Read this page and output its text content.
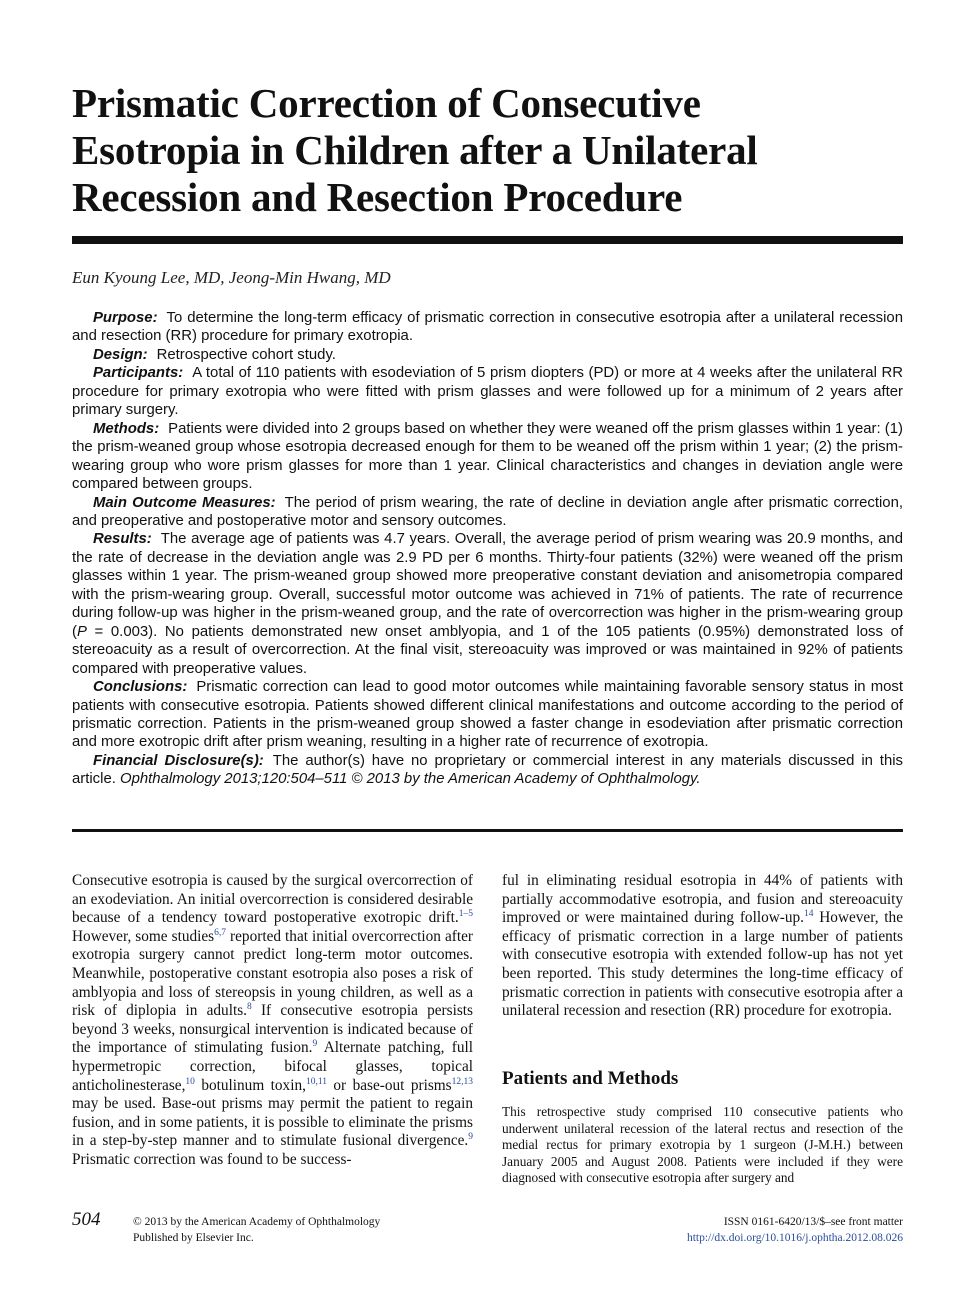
Prismatic Correction of Consecutive
Esotropia in Children after a Unilateral
Recession and Resection Procedure
Eun Kyoung Lee, MD, Jeong-Min Hwang, MD

Purpose: To determine the long-term efficacy of prismatic correction in consecutive esotropia after a unilateral recession and resection (RR) procedure for primary exotropia.

Design: Retrospective cohort study.

Participants: A total of 110 patients with esodeviation of 5 prism diopters (PD) or more at 4 weeks after the unilateral RR procedure for primary exotropia who were fitted with prism glasses and were followed up for a minimum of 2 years after primary surgery.

Methods: Patients were divided into 2 groups based on whether they were weaned off the prism glasses within 1 year: (1) the prism-weaned group whose esotropia decreased enough for them to be weaned off the prism within 1 year; (2) the prism-wearing group who wore prism glasses for more than 1 year. Clinical characteristics and changes in deviation angle were compared between groups.

Main Outcome Measures: The period of prism wearing, the rate of decline in deviation angle after prismatic correction, and preoperative and postoperative motor and sensory outcomes.

Results: The average age of patients was 4.7 years. Overall, the average period of prism wearing was 20.9 months, and the rate of decrease in the deviation angle was 2.9 PD per 6 months. Thirty-four patients (32%) were weaned off the prism glasses within 1 year. The prism-weaned group showed more preoperative constant deviation and anisometropia compared with the prism-wearing group. Overall, successful motor outcome was achieved in 71% of patients. The rate of recurrence during follow-up was higher in the prism-weaned group, and the rate of overcorrection was higher in the prism-wearing group (P = 0.003). No patients demonstrated new onset amblyopia, and 1 of the 105 patients (0.95%) demonstrated loss of stereoacuity as a result of overcorrection. At the final visit, stereoacuity was improved or was maintained in 92% of patients compared with preoperative values.

Conclusions: Prismatic correction can lead to good motor outcomes while maintaining favorable sensory status in most patients with consecutive esotropia. Patients showed different clinical manifestations and outcome according to the period of prismatic correction. Patients in the prism-weaned group showed a faster change in esodeviation after prismatic correction and more exotropic drift after prism weaning, resulting in a higher rate of recurrence of exotropia.

Financial Disclosure(s): The author(s) have no proprietary or commercial interest in any materials discussed in this article. Ophthalmology 2013;120:504–511 © 2013 by the American Academy of Ophthalmology.

Consecutive esotropia is caused by the surgical overcorrection of an exodeviation. An initial overcorrection is considered desirable because of a tendency toward postoperative exotropic drift.$^{1-5}$ However, some studies$^{6,7}$ reported that initial overcorrection after exotropia surgery cannot predict long-term motor outcomes. Meanwhile, postoperative constant esotropia also poses a risk of amblyopia and loss of stereopsis in young children, as well as a risk of diplopia in adults.$^8$ If consecutive esotropia persists beyond 3 weeks, nonsurgical intervention is indicated because of the importance of stimulating fusion.$^9$ Alternate patching, full hypermetropic correction, bifocal glasses, topical anticholinesterase,$^{10}$ botulinum toxin,$^{10,11}$ or base-out prisms$^{12,13}$ may be used. Base-out prisms may permit the patient to regain fusion, and in some patients, it is possible to eliminate the prisms in a step-by-step manner and to stimulate fusional divergence.$^9$ Prismatic correction was found to be success-

ful in eliminating residual esotropia in 44% of patients with partially accommodative esotropia, and fusion and stereoacuity improved or were maintained during follow-up.$^{14}$ However, the efficacy of prismatic correction in a large number of patients with consecutive esotropia with extended follow-up has not yet been reported. This study determines the long-time efficacy of prismatic correction in patients with consecutive esotropia after a unilateral recession and resection (RR) procedure for exotropia.

Patients and Methods

This retrospective study comprised 110 consecutive patients who underwent unilateral recession of the lateral rectus and resection of the medial rectus for primary exotropia by 1 surgeon (J-M.H.) between January 2005 and August 2008. Patients were included if they were diagnosed with consecutive esotropia after surgery and

504	© 2013 by the American Academy of Ophthalmology
Published by Elsevier Inc.
ISSN 0161-6420/13/$–see front matter
http://dx.doi.org/10.1016/j.ophtha.2012.08.026
